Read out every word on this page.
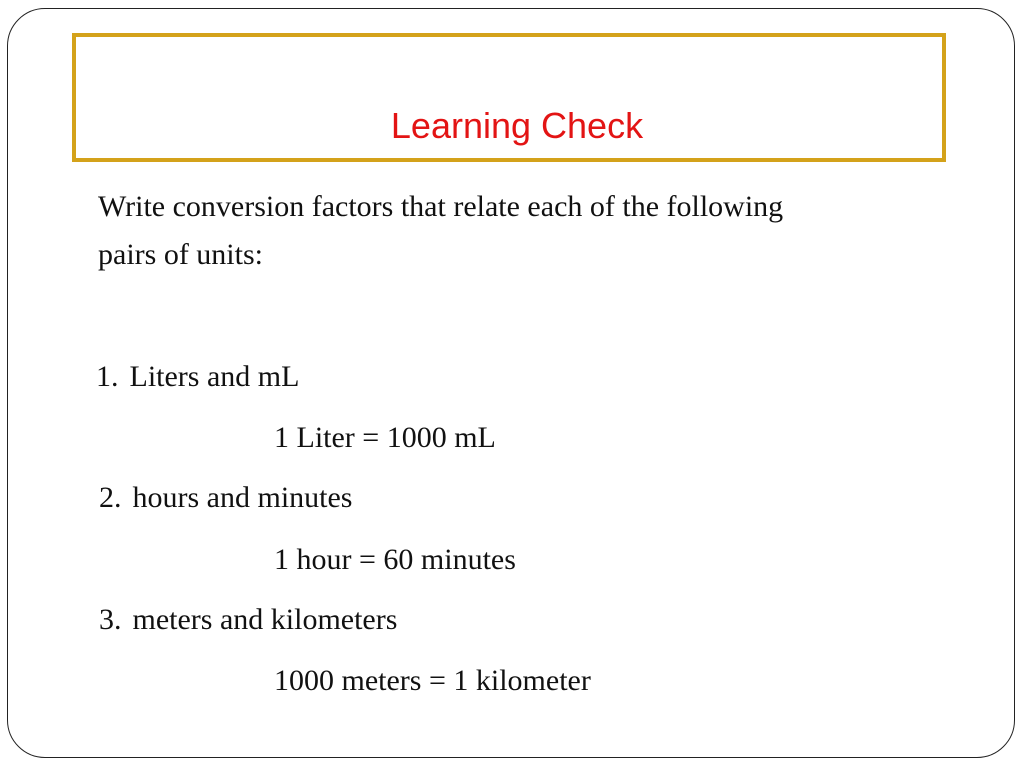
Learning Check
Write conversion factors that relate each of the following
pairs of units:
1. Liters and mL
1 Liter = 1000 mL
2. hours and minutes
1 hour = 60 minutes
3. meters and kilometers
1000 meters = 1 kilometer
